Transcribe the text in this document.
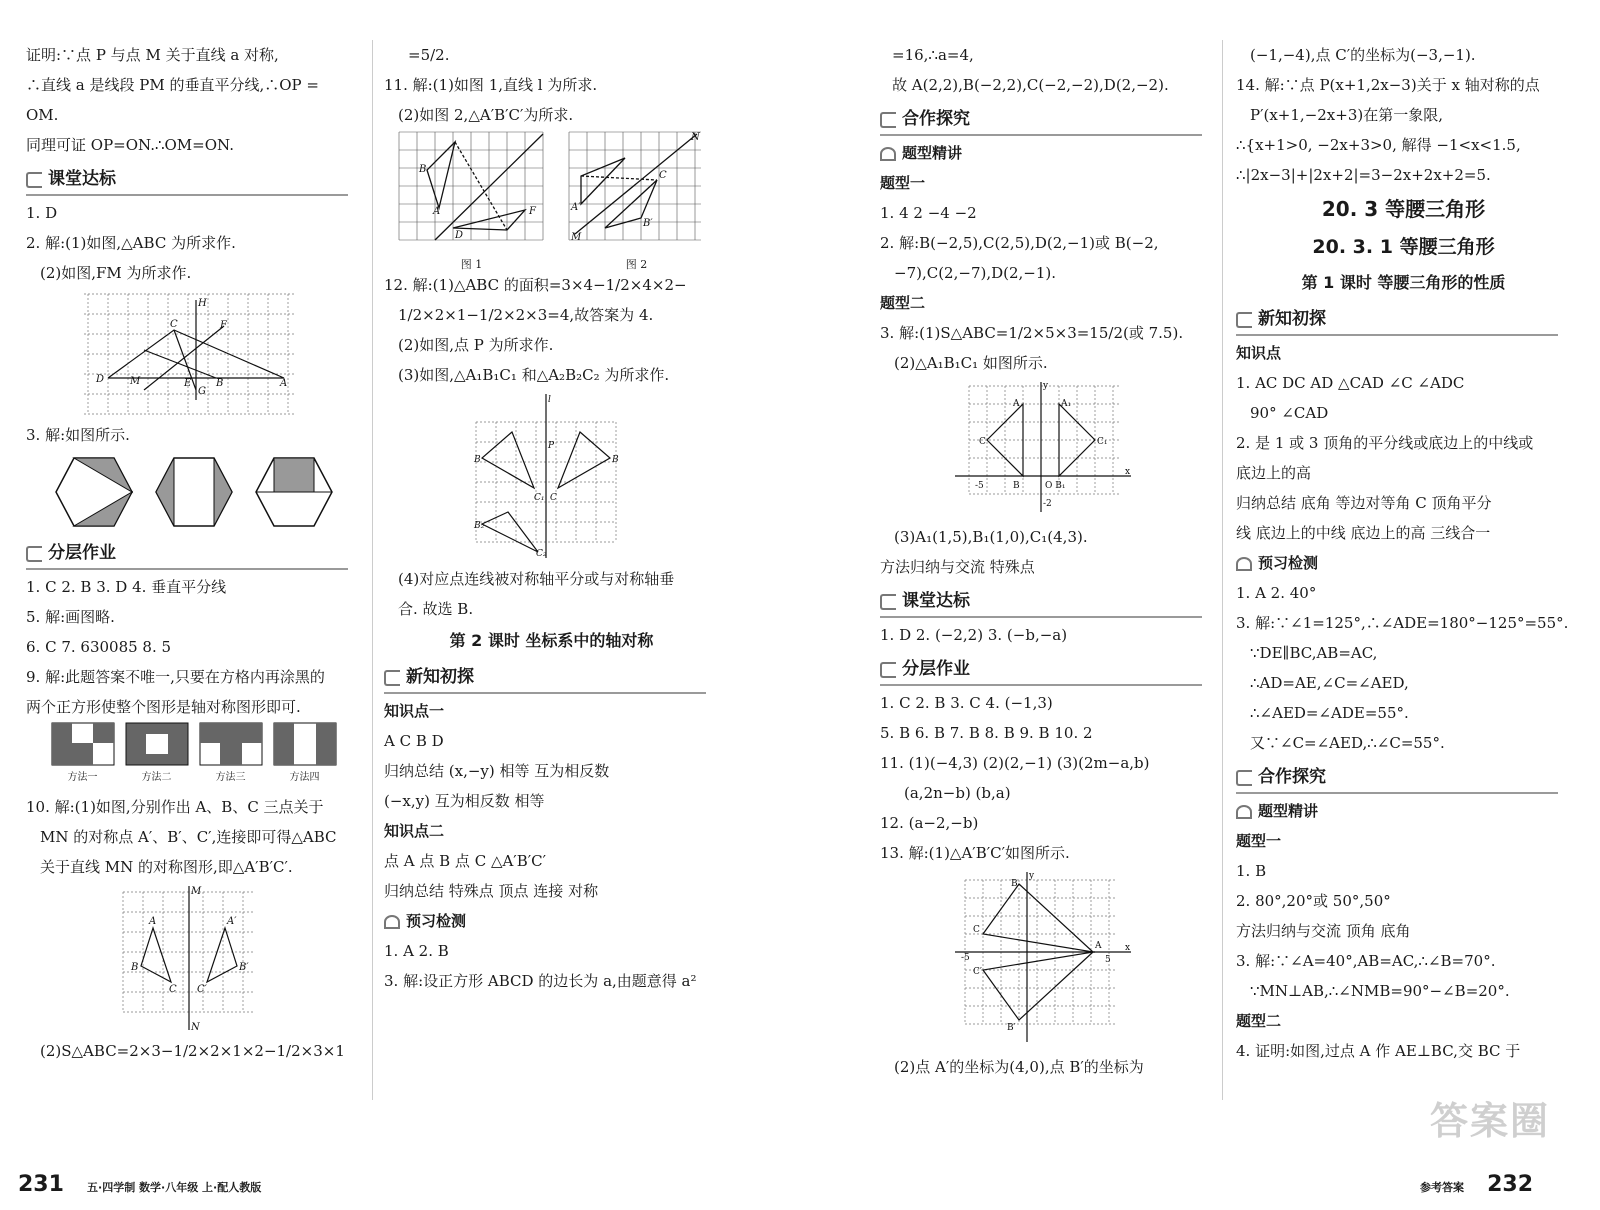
证明:∵点 P 与点 M 关于直线 a 对称,

∴直线 a 是线段 PM 的垂直平分线,∴OP =

OM.

同理可证 OP=ON.∴OM=ON.

课堂达标

1. D

2. 解:(1)如图,△ABC 为所求作.

(2)如图,FM 为所求作.

H
C	F
D	M	E B	A
G

3. 解:如图所示.

分层作业

1. C 2. B 3. D 4. 垂直平分线

5. 解:画图略.

6. C 7. 630085 8. 5

9. 解:此题答案不唯一,只要在方格内再涂黑的

两个正方形使整个图形是轴对称图形即可.

方法一	方法二	方法三	方法四

10. 解:(1)如图,分别作出 A、B、C 三点关于

MN 的对称点 A′、B′、C′,连接即可得△ABC

关于直线 MN 的对称图形,即△A′B′C′.

M
A	A′
B	B′
C C′
N

(2)S△ABC=2×3−1/2×2×1×2−1/2×3×1

=5/2.

11. 解:(1)如图 1,直线 l 为所求.

(2)如图 2,△A′B′C′为所求.

B
A	F
D

图 1
A′
C
B′
M
N

图 2

12. 解:(1)△ABC 的面积=3×4−1/2×4×2−

1/2×2×1−1/2×2×3=4,故答案为 4.

(2)如图,点 P 为所求作.

(3)如图,△A₁B₁C₁ 和△A₂B₂C₂ 为所求作.

l
B	B
P
C₁ C
B₂
C₂

(4)对应点连线被对称轴平分或与对称轴垂

合. 故选 B.

第 2 课时 坐标系中的轴对称

新知初探

知识点一

A C B D

归纳总结 (x,−y) 相等 互为相反数

(−x,y) 互为相反数 相等

知识点二

点 A 点 B 点 C △A′B′C′

归纳总结 特殊点 顶点 连接 对称

预习检测

1. A 2. B

3. 解:设正方形 ABCD 的边长为 a,由题意得 a²

=16,∴a=4,

故 A(2,2),B(−2,2),C(−2,−2),D(2,−2).

合作探究

题型精讲

题型一

1. 4 2 −4 −2

2. 解:B(−2,5),C(2,5),D(2,−1)或 B(−2,

−7),C(2,−7),D(2,−1).

题型二

3. 解:(1)S△ABC=1/2×5×3=15/2(或 7.5).

(2)△A₁B₁C₁ 如图所示.

y
x
A	A₁
C	C₁
B	O B₁
-5
-2

(3)A₁(1,5),B₁(1,0),C₁(4,3).

方法归纳与交流 特殊点

课堂达标

1. D 2. (−2,2) 3. (−b,−a)

分层作业

1. C 2. B 3. C 4. (−1,3)

5. B 6. B 7. B 8. B 9. B 10. 2

11. (1)(−4,3) (2)(2,−1) (3)(2m−a,b)

(a,2n−b) (b,a)

12. (a−2,−b)

13. 解:(1)△A′B′C′如图所示.

y
x
B
C
A
C′
B′
-5	5

(2)点 A′的坐标为(4,0),点 B′的坐标为

(−1,−4),点 C′的坐标为(−3,−1).

14. 解:∵点 P(x+1,2x−3)关于 x 轴对称的点

P′(x+1,−2x+3)在第一象限,

∴{x+1>0, −2x+3>0, 解得 −1<x<1.5,

∴|2x−3|+|2x+2|=3−2x+2x+2=5.

20. 3 等腰三角形

20. 3. 1 等腰三角形

第 1 课时 等腰三角形的性质

新知初探

知识点

1. AC DC AD △CAD ∠C ∠ADC

90° ∠CAD

2. 是 1 或 3 顶角的平分线或底边上的中线或

底边上的高

归纳总结 底角 等边对等角 C 顶角平分

线 底边上的中线 底边上的高 三线合一

预习检测

1. A 2. 40°

3. 解:∵∠1=125°,∴∠ADE=180°−125°=55°.

∵DE∥BC,AB=AC,

∴AD=AE,∠C=∠AED,

∴∠AED=∠ADE=55°.

又∵∠C=∠AED,∴∠C=55°.

合作探究

题型精讲

题型一

1. B

2. 80°,20°或 50°,50°

方法归纳与交流 顶角 底角

3. 解:∵∠A=40°,AB=AC,∴∠B=70°.

∵MN⊥AB,∴∠NMB=90°−∠B=20°.

题型二

4. 证明:如图,过点 A 作 AE⊥BC,交 BC 于

答案圈
231 五·四学制 数学·八年级 上·配人教版	参考答案 232
